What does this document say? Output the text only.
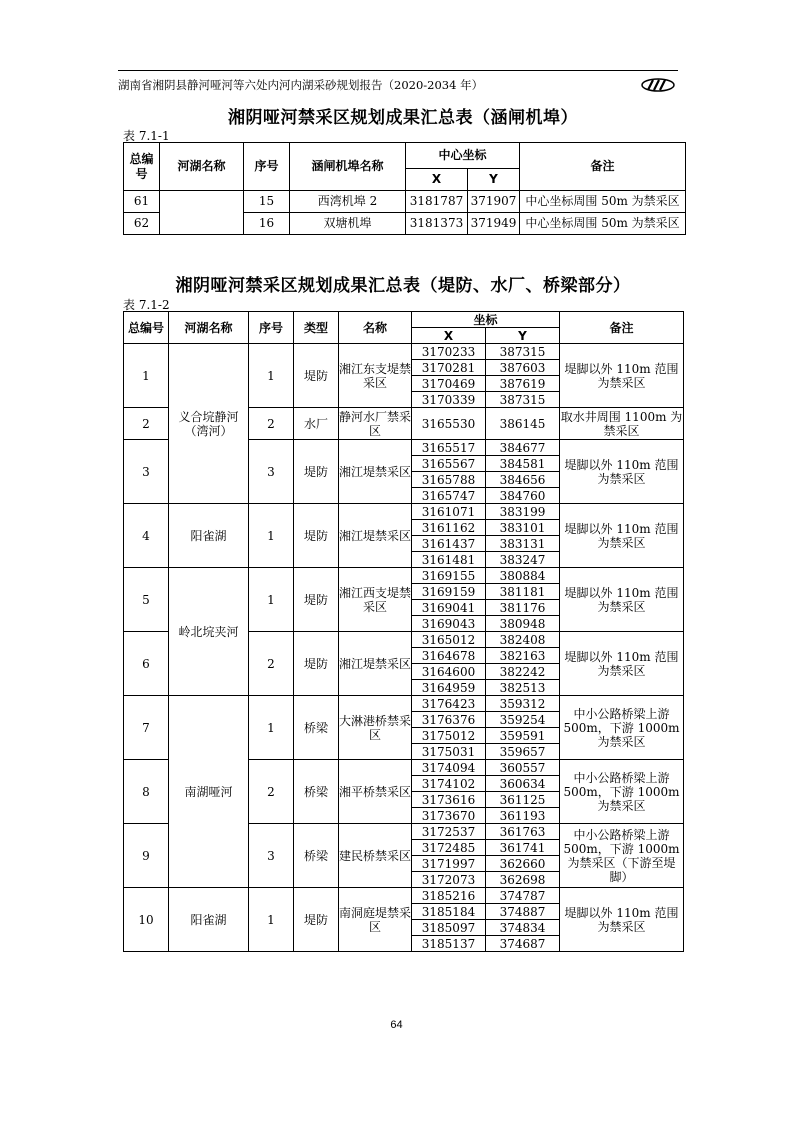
湖南省湘阴县静河哑河等六处内河内湖采砂规划报告（2020-2034 年）
湘阴哑河禁采区规划成果汇总表（涵闸机埠）
表 7.1-1
总编号	河湖名称	序号	涵闸机埠名称	中心坐标		备注
				X	Y	
61		15	西湾机埠 2	3181787	371907	中心坐标周围 50m 为禁采区
62		16	双塘机埠	3181373	371949	中心坐标周围 50m 为禁采区
湘阴哑河禁采区规划成果汇总表（堤防、水厂、桥梁部分）
表 7.1-2
总编号	河湖名称	序号	类型	名称	坐标		备注
					X	Y	
1	义合垸静河（湾河）	1	堤防	湘江东支堤禁采区	3170233	387315	堤脚以外 110m 范围为禁采区
					3170281	387603	
					3170469	387619	
					3170339	387315	
2		2	水厂	静河水厂禁采区	3165530	386145	取水井周围 1100m 为禁采区
3		3	堤防	湘江堤禁采区	3165517	384677	堤脚以外 110m 范围为禁采区
					3165567	384581	
					3165788	384656	
					3165747	384760	
4	阳雀湖	1	堤防	湘江堤禁采区	3161071	383199	堤脚以外 110m 范围为禁采区
					3161162	383101	
					3161437	383131	
					3161481	383247	
5	岭北垸夹河	1	堤防	湘江西支堤禁采区	3169155	380884	堤脚以外 110m 范围为禁采区
					3169159	381181	
					3169041	381176	
					3169043	380948	
6		2	堤防	湘江堤禁采区	3165012	382408	堤脚以外 110m 范围为禁采区
					3164678	382163	
					3164600	382242	
					3164959	382513	
7	南湖哑河	1	桥梁	大淋港桥禁采区	3176423	359312	中小公路桥梁上游 500m，下游 1000m 为禁采区
					3176376	359254	
					3175012	359591	
					3175031	359657	
8		2	桥梁	湘平桥禁采区	3174094	360557	中小公路桥梁上游 500m，下游 1000m 为禁采区
					3174102	360634	
					3173616	361125	
					3173670	361193	
9		3	桥梁	建民桥禁采区	3172537	361763	中小公路桥梁上游 500m，下游 1000m 为禁采区（下游至堤脚）
					3172485	361741	
					3171997	362660	
					3172073	362698	
10	阳雀湖	1	堤防	南洞庭堤禁采区	3185216	374787	堤脚以外 110m 范围为禁采区
					3185184	374887	
					3185097	374834	
					3185137	374687	
64
